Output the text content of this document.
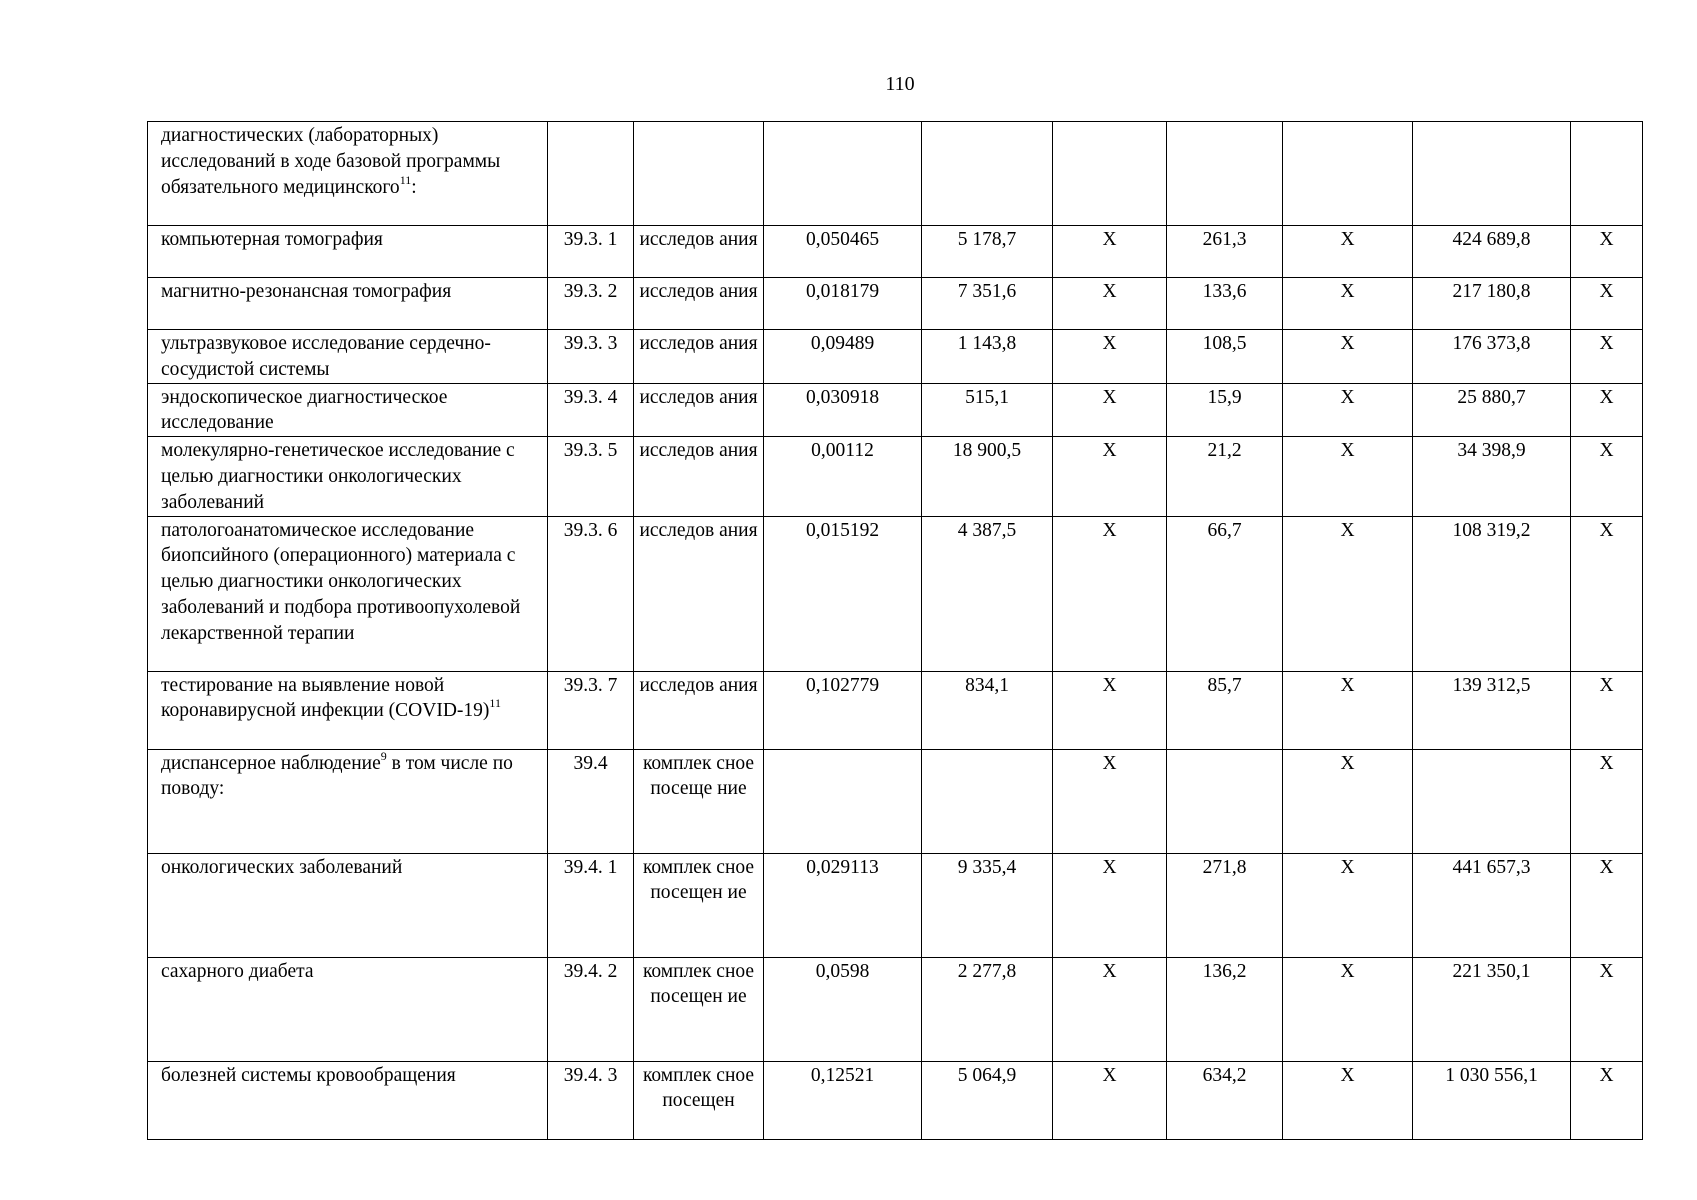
110
диагностических (лабораторных) исследований в ходе базовой программы обязательного медицинского$^{11}$:									
компьютерная томография	39.3. 1	исследов ания	0,050465	5 178,7	X	261,3	X	424 689,8	X
магнитно-резонансная томография	39.3. 2	исследов ания	0,018179	7 351,6	X	133,6	X	217 180,8	X
ультразвуковое исследование сердечно-сосудистой системы	39.3. 3	исследов ания	0,09489	1 143,8	X	108,5	X	176 373,8	X
эндоскопическое диагностическое исследование	39.3. 4	исследов ания	0,030918	515,1	X	15,9	X	25 880,7	X
молекулярно-генетическое исследование с целью диагностики онкологических заболеваний	39.3. 5	исследов ания	0,00112	18 900,5	X	21,2	X	34 398,9	X
патологоанатомическое исследование биопсийного (операционного) материала с целью диагностики онкологических заболеваний и подбора противоопухолевой лекарственной терапии	39.3. 6	исследов ания	0,015192	4 387,5	X	66,7	X	108 319,2	X
тестирование на выявление новой коронавирусной инфекции (COVID-19)$^{11}$	39.3. 7	исследов ания	0,102779	834,1	X	85,7	X	139 312,5	X
диспансерное наблюдение$^9$ в том числе по поводу:	39.4	комплек сное посеще ние			X		X		X
онкологических заболеваний	39.4. 1	комплек сное посещен ие	0,029113	9 335,4	X	271,8	X	441 657,3	X
сахарного диабета	39.4. 2	комплек сное посещен ие	0,0598	2 277,8	X	136,2	X	221 350,1	X
болезней системы кровообращения	39.4. 3	комплек сное посещен	0,12521	5 064,9	X	634,2	X	1 030 556,1	X
